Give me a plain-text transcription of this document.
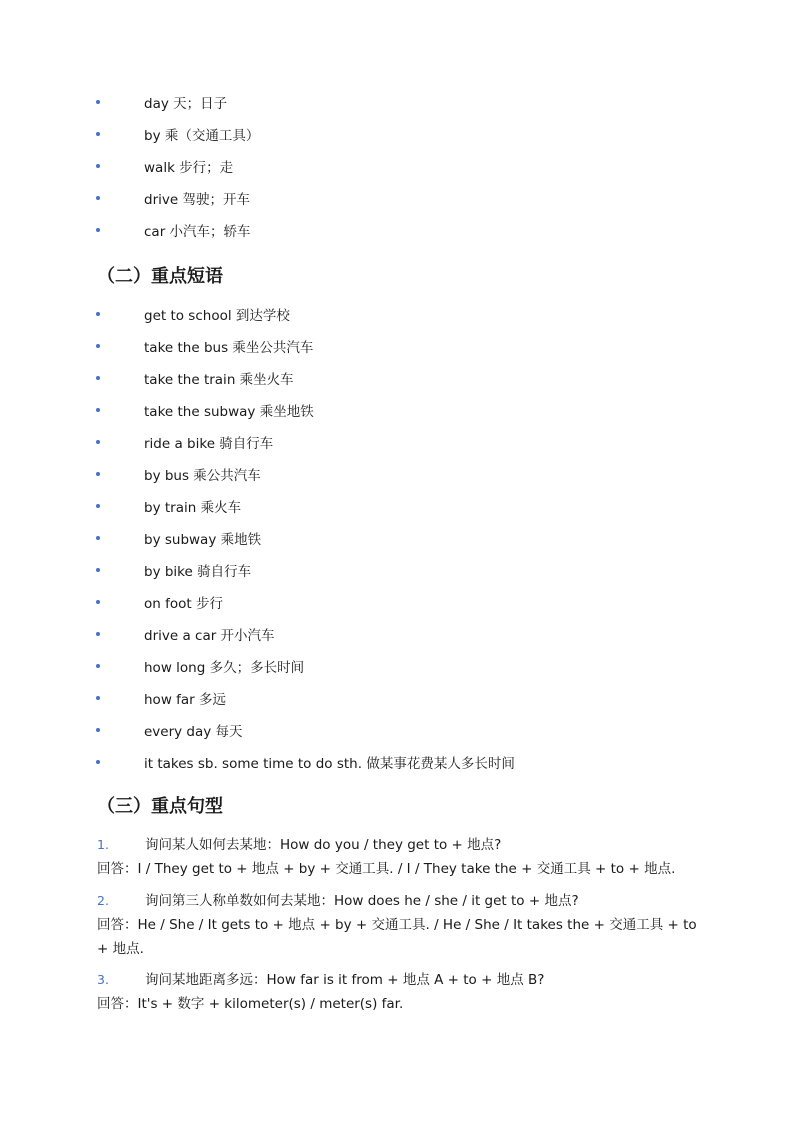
day 天；日子
by 乘（交通工具）
walk 步行；走
drive 驾驶；开车
car 小汽车；轿车
（二）重点短语
get to school 到达学校
take the bus 乘坐公共汽车
take the train 乘坐火车
take the subway 乘坐地铁
ride a bike 骑自行车
by bus 乘公共汽车
by train 乘火车
by subway 乘地铁
by bike 骑自行车
on foot 步行
drive a car 开小汽车
how long 多久；多长时间
how far 多远
every day 每天
it takes sb. some time to do sth. 做某事花费某人多长时间
（三）重点句型
1.	询问某人如何去某地：How do you / they get to + 地点?
回答：I / They get to + 地点 + by + 交通工具. / I / They take the + 交通工具 + to + 地点.
2.	询问第三人称单数如何去某地：How does he / she / it get to + 地点?
回答：He / She / It gets to + 地点 + by + 交通工具. / He / She / It takes the + 交通工具 + to + 地点.
3.	询问某地距离多远：How far is it from + 地点 A + to + 地点 B?
回答：It's + 数字 + kilometer(s) / meter(s) far.
